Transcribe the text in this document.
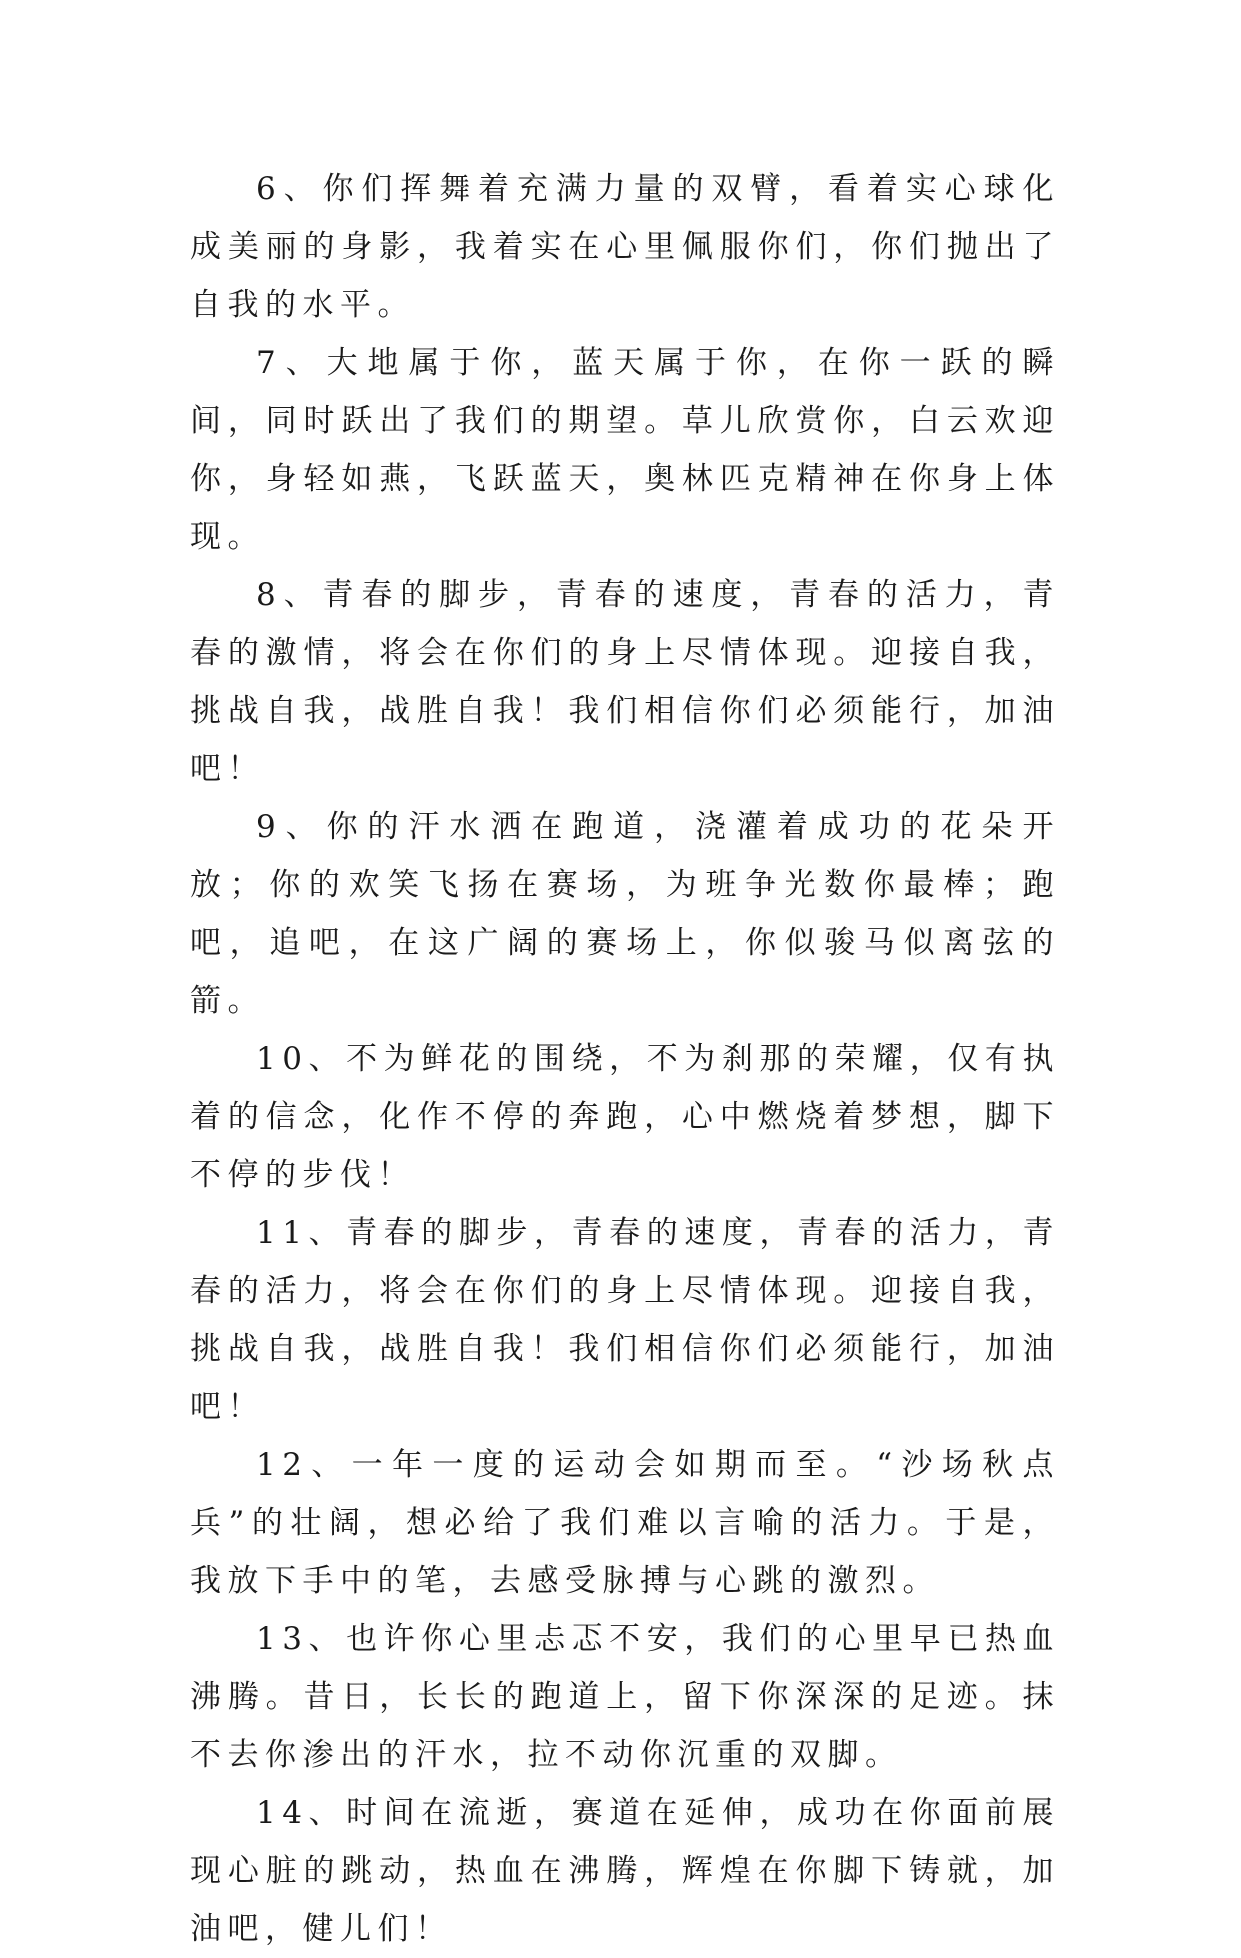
6、你们挥舞着充满力量的双臂，看着实心球化成美丽的身影，我着实在心里佩服你们，你们抛出了自我的水平。

7、大地属于你，蓝天属于你，在你一跃的瞬间，同时跃出了我们的期望。草儿欣赏你，白云欢迎你，身轻如燕，飞跃蓝天，奥林匹克精神在你身上体现。

8、青春的脚步，青春的速度，青春的活力，青春的激情，将会在你们的身上尽情体现。迎接自我，挑战自我，战胜自我！我们相信你们必须能行，加油吧！

9、你的汗水洒在跑道，浇灌着成功的花朵开放；你的欢笑飞扬在赛场，为班争光数你最棒；跑吧，追吧，在这广阔的赛场上，你似骏马似离弦的箭。

10、不为鲜花的围绕，不为刹那的荣耀，仅有执着的信念，化作不停的奔跑，心中燃烧着梦想，脚下不停的步伐！

11、青春的脚步，青春的速度，青春的活力，青春的活力，将会在你们的身上尽情体现。迎接自我，挑战自我，战胜自我！我们相信你们必须能行，加油吧！

12、一年一度的运动会如期而至。“沙场秋点兵”的壮阔，想必给了我们难以言喻的活力。于是，我放下手中的笔，去感受脉搏与心跳的激烈。

13、也许你心里忐忑不安，我们的心里早已热血沸腾。昔日，长长的跑道上，留下你深深的足迹。抹不去你渗出的汗水，拉不动你沉重的双脚。

14、时间在流逝，赛道在延伸，成功在你面前展现心脏的跳动，热血在沸腾，辉煌在你脚下铸就，加油吧，健儿们！
